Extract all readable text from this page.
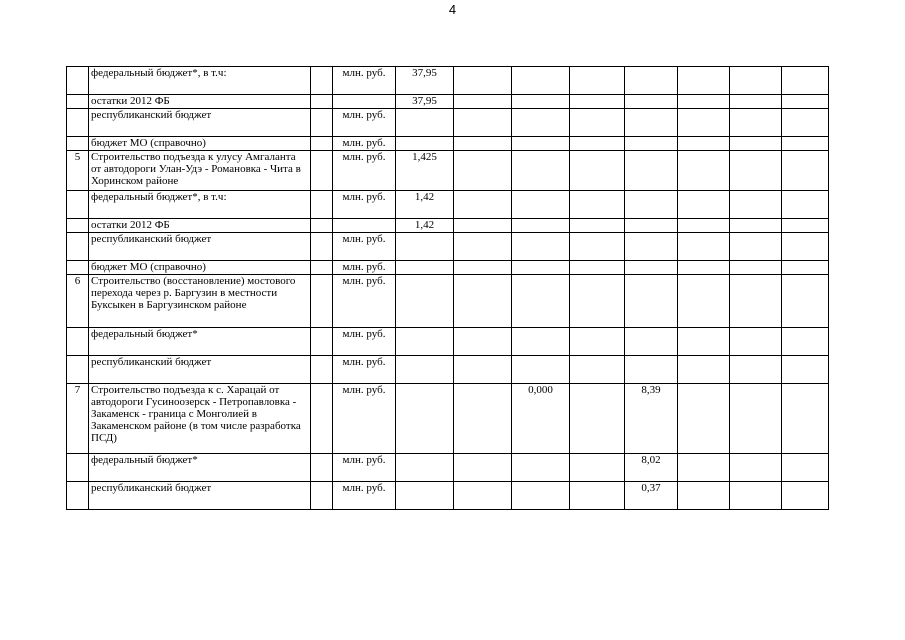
4
	федеральный бюджет*, в т.ч:		млн. руб.	37,95							
	остатки 2012 ФБ			37,95							
	республиканский бюджет		млн. руб.								
	бюджет МО (справочно)		млн. руб.								
5	Строительство подъезда к улусу Амгаланта от автодороги Улан-Удэ - Романовка - Чита в Хоринском районе		млн. руб.	1,425							
	федеральный бюджет*, в т.ч:		млн. руб.	1,42							
	остатки 2012 ФБ			1,42							
	республиканский бюджет		млн. руб.								
	бюджет МО (справочно)		млн. руб.								
6	Строительство (восстановление) мостового перехода через р. Баргузин в местности Буксыкен в Баргузинском районе		млн. руб.								
	федеральный бюджет*		млн. руб.								
	республиканский бюджет		млн. руб.								
7	Строительство подъезда к с. Харацай от автодороги Гусиноозерск - Петропавловка - Закаменск - граница с Монголией в Закаменском районе (в том числе разработка ПСД)		млн. руб.			0,000		8,39			
	федеральный бюджет*		млн. руб.					8,02			
	республиканский бюджет		млн. руб.					0,37			
